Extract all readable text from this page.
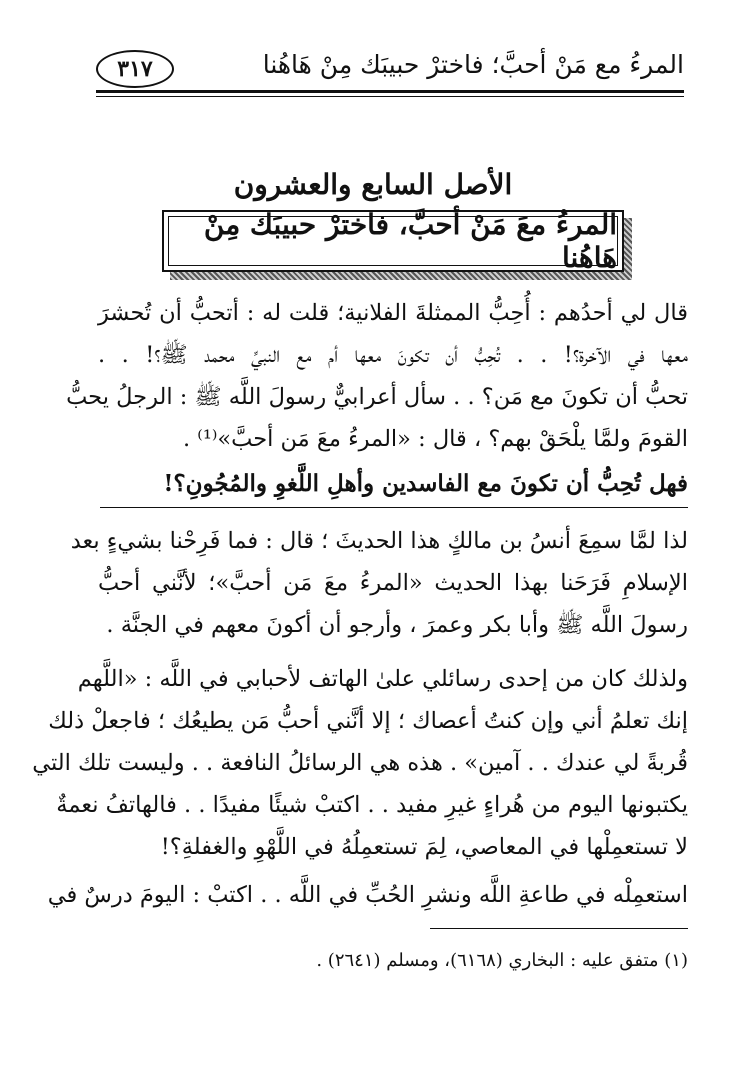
المرءُ مع مَنْ أحبَّ؛ فاخترْ حبيبَك مِنْ هَاهُنا
٣١٧
الأصل السابع والعشرون
المرءُ معَ مَنْ أحبَّ، فاخترْ حبيبَك مِنْ هَاهُنا
قال لي أحدُهم : أُحِبُّ الممثلةَ الفلانية؛ قلت له : أتحبُّ أن تُحشرَ
معها في الآخرة؟! . . تُحِبُّ أن تكونَ معها أم مع النبيِّ محمد ﷺ؟! . .
تحبُّ أن تكونَ مع مَن؟ . . سأل أعرابيٌّ رسولَ اللَّه ﷺ : الرجلُ يحبُّ
القومَ ولمَّا يلْحَقْ بهم؟ ، قال : «المرءُ معَ مَن أحبَّ»⁽¹⁾ .
فهل تُحِبُّ أن تكونَ مع الفاسدين وأهلِ اللَّغوِ والمُجُونِ؟!
لذا لمَّا سمِعَ أنسُ بن مالكٍ هذا الحديثَ ؛ قال : فما فَرِحْنا بشيءٍ بعد
الإسلامِ فَرَحَنا بهذا الحديث «المرءُ معَ مَن أحبَّ»؛ لأنَّني أحبُّ
رسولَ اللَّه ﷺ وأبا بكر وعمرَ ، وأرجو أن أكونَ معهم في الجنَّة .
ولذلك كان من إحدى رسائلي علىٰ الهاتف لأحبابي في اللَّه : «اللَّهم
إنك تعلمُ أني وإن كنتُ أعصاك ؛ إلا أنَّني أحبُّ مَن يطيعُك ؛ فاجعلْ ذلك
قُربةً لي عندك . . آمين» . هذه هي الرسائلُ النافعة . . وليست تلك التي
يكتبونها اليوم من هُراءٍ غيرِ مفيد . . اكتبْ شيئًا مفيدًا . . فالهاتفُ نعمةٌ
لا تستعمِلْها في المعاصي، لِمَ تستعمِلُهُ في اللَّهْوِ والغفلةِ؟!
استعمِلْه في طاعةِ اللَّه ونشرِ الحُبِّ في اللَّه . . اكتبْ : اليومَ درسٌ في
(١) متفق عليه : البخاري (٦١٦٨)، ومسلم (٢٦٤١) .
